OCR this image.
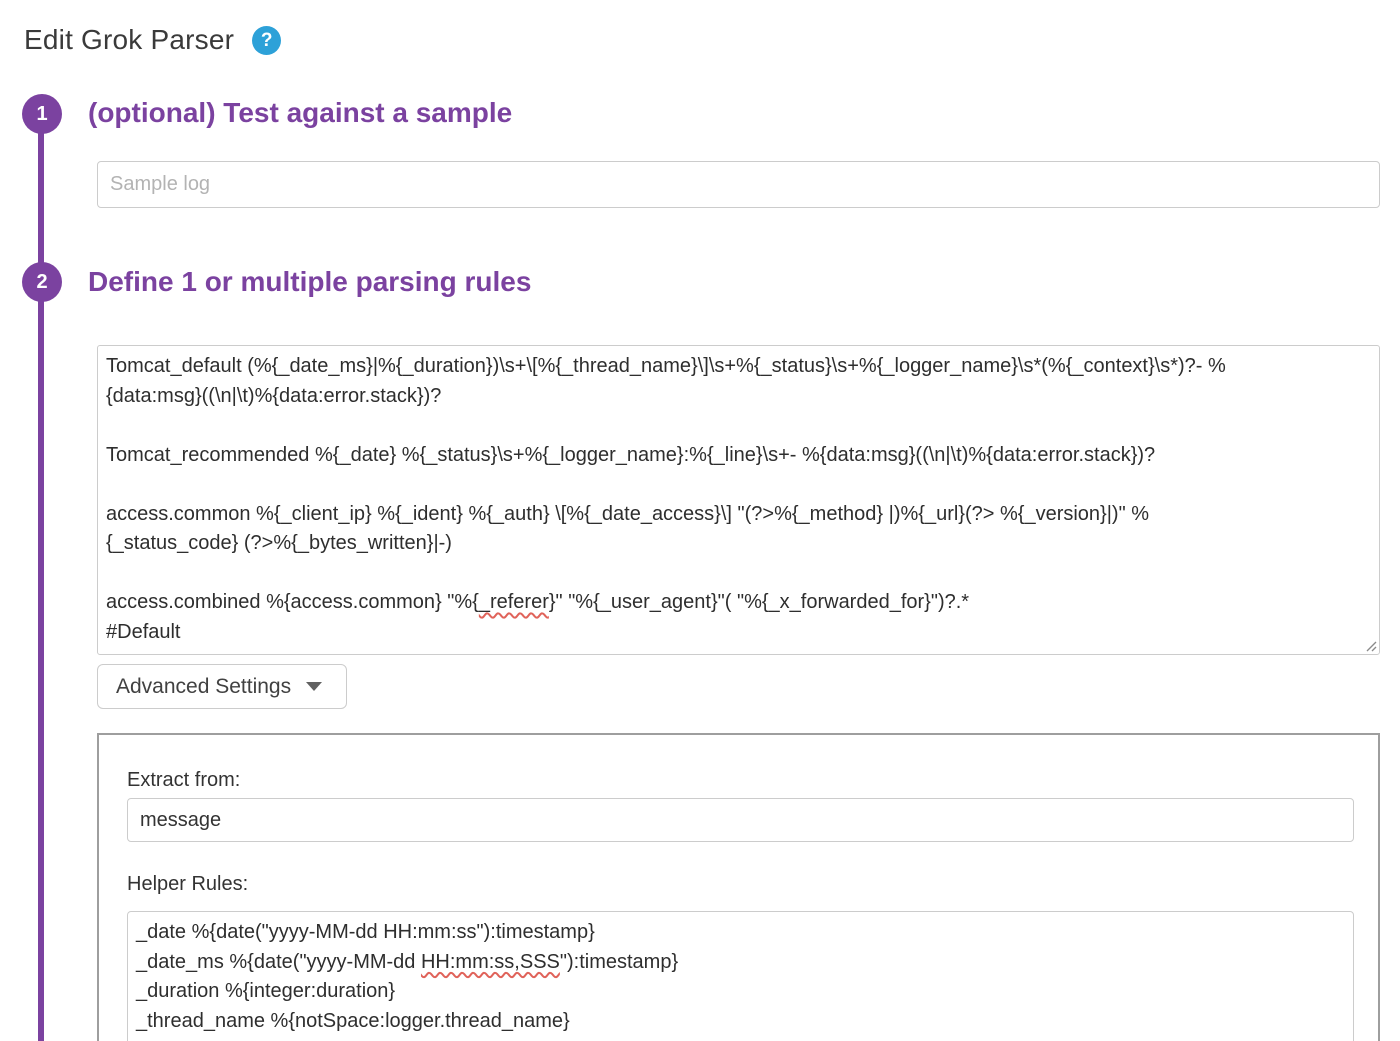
Edit Grok Parser ?
1	(optional) Test against a sample
Sample log
2	Define 1 or multiple parsing rules
Tomcat_default (%{_date_ms}|%{_duration})\s+\[%{_thread_name}\]\s+%{_status}\s+%{_logger_name}\s*(%{_context}\s*)?- %
{data:msg}((\n|\t)%{data:error.stack})?

Tomcat_recommended %{_date} %{_status}\s+%{_logger_name}:%{_line}\s+- %{data:msg}((\n|\t)%{data:error.stack})?

access.common %{_client_ip} %{_ident} %{_auth} \[%{_date_access}\] "(?>%{_method} |)%{_url}(?> %{_version}|)" %
{_status_code} (?>%{_bytes_written}|-)

access.combined %{access.common} "%{_referer}" "%{_user_agent}"( "%{_x_forwarded_for}")?.*
#Default
Advanced Settings
Extract from:
message
Helper Rules:
_date %{date("yyyy-MM-dd HH:mm:ss"):timestamp}
_date_ms %{date("yyyy-MM-dd HH:mm:ss,SSS"):timestamp}
_duration %{integer:duration}
_thread_name %{notSpace:logger.thread_name}
